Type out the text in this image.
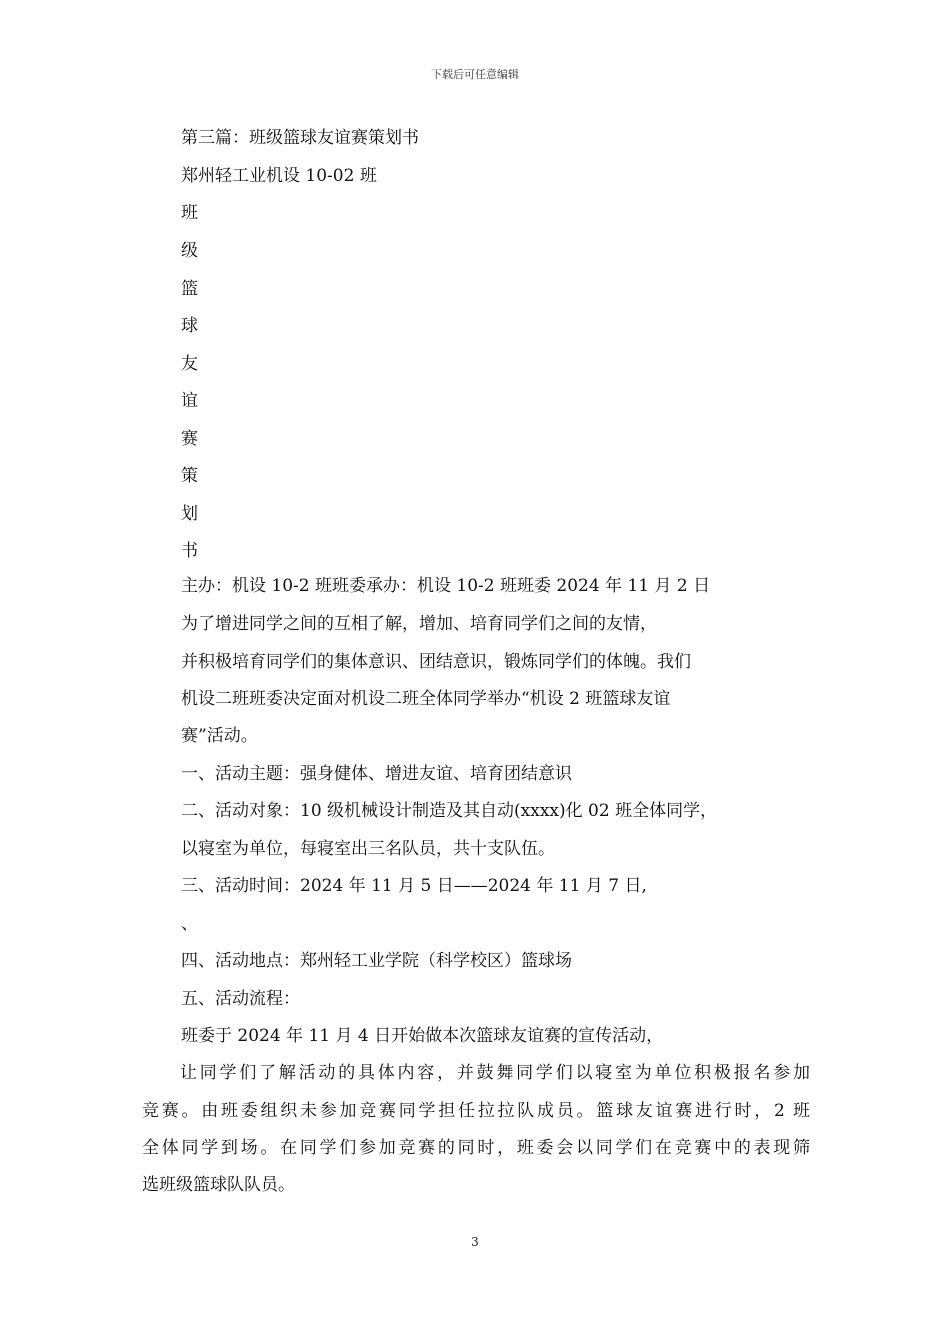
下载后可任意编辑
第三篇：班级篮球友谊赛策划书
郑州轻工业机设 10-02 班
班
级
篮
球
友
谊
赛
策
划
书
主办：机设 10-2 班班委承办：机设 10-2 班班委 2024 年 11 月 2 日
为了增进同学之间的互相了解，增加、培育同学们之间的友情，
并积极培育同学们的集体意识、团结意识，锻炼同学们的体魄。我们
机设二班班委决定面对机设二班全体同学举办“机设 2 班篮球友谊
赛”活动。
一、活动主题：强身健体、增进友谊、培育团结意识
二、活动对象：10 级机械设计制造及其自动(xxxx)化 02 班全体同学，
以寝室为单位，每寝室出三名队员，共十支队伍。
三、活动时间：2024 年 11 月 5 日——2024 年 11 月 7 日,
、
四、活动地点：郑州轻工业学院（科学校区）篮球场
五、活动流程：
班委于 2024 年 11 月 4 日开始做本次篮球友谊赛的宣传活动，
让同学们了解活动的具体内容，并鼓舞同学们以寝室为单位积极报名参加
竞赛。由班委组织未参加竞赛同学担任拉拉队成员。篮球友谊赛进行时，2 班
全体同学到场。在同学们参加竞赛的同时，班委会以同学们在竞赛中的表现筛
选班级篮球队队员。
3
